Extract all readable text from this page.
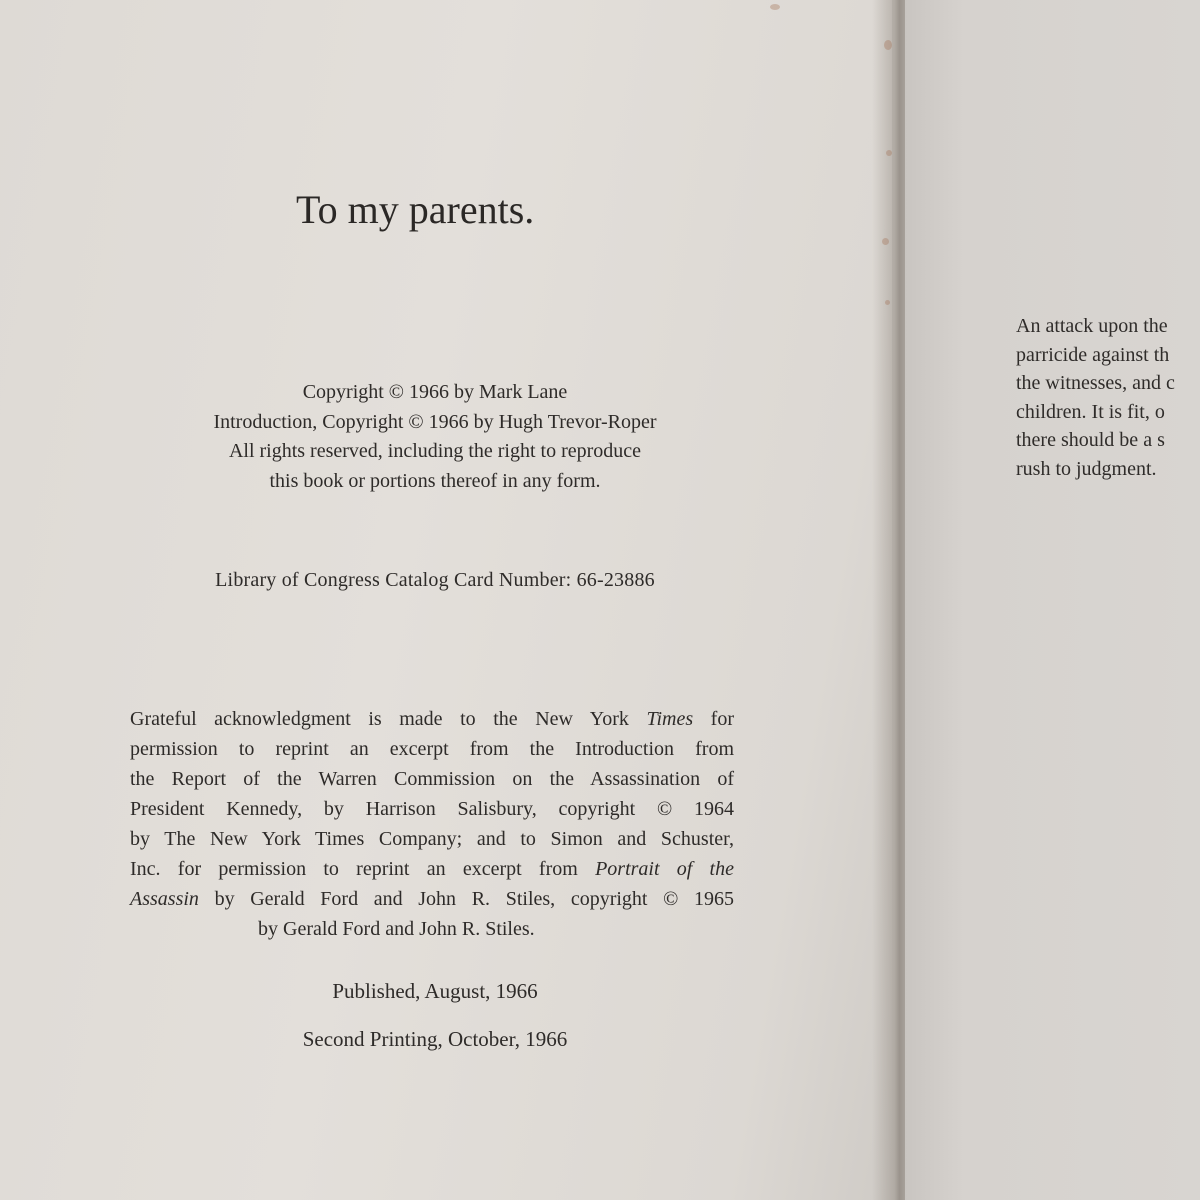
To my parents.
Copyright © 1966 by Mark Lane
Introduction, Copyright © 1966 by Hugh Trevor-Roper
All rights reserved, including the right to reproduce
this book or portions thereof in any form.
Library of Congress Catalog Card Number: 66-23886
Grateful acknowledgment is made to the New York Times for
permission to reprint an excerpt from the Introduction from
the Report of the Warren Commission on the Assassination of
President Kennedy, by Harrison Salisbury, copyright © 1964
by The New York Times Company; and to Simon and Schuster,
Inc. for permission to reprint an excerpt from Portrait of the
Assassin by Gerald Ford and John R. Stiles, copyright © 1965
by Gerald Ford and John R. Stiles.
Published, August, 1966
Second Printing, October, 1966
An attack upon the
parricide against th
the witnesses, and c
children. It is fit, o
there should be a s
rush to judgment.
